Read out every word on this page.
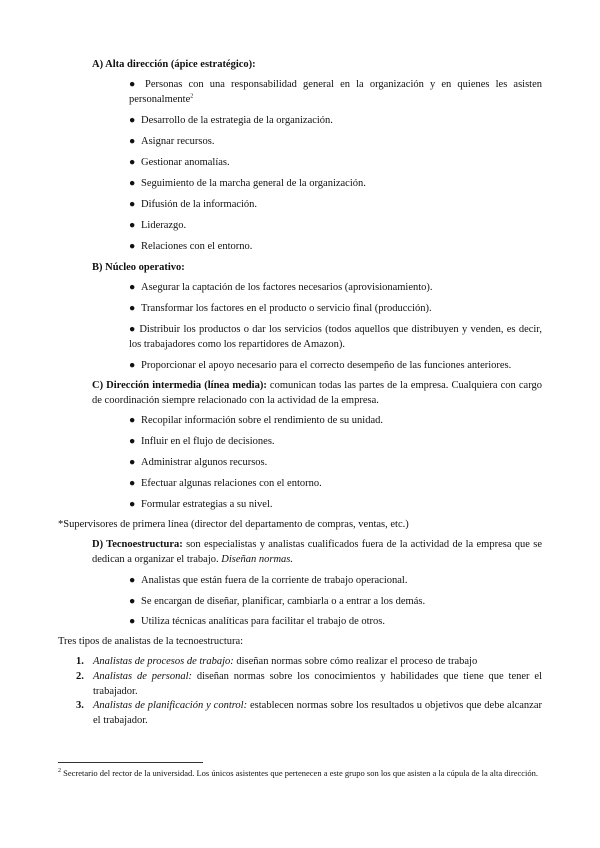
A) Alta dirección (ápice estratégico):
● Personas con una responsabilidad general en la organización y en quienes les asisten personalmente$^2$
● Desarrollo de la estrategia de la organización.
● Asignar recursos.
● Gestionar anomalías.
● Seguimiento de la marcha general de la organización.
● Difusión de la información.
● Liderazgo.
● Relaciones con el entorno.
B) Núcleo operativo:
● Asegurar la captación de los factores necesarios (aprovisionamiento).
● Transformar los factores en el producto o servicio final (producción).
● Distribuir los productos o dar los servicios (todos aquellos que distribuyen y venden, es decir, los trabajadores como los repartidores de Amazon).
● Proporcionar el apoyo necesario para el correcto desempeño de las funciones anteriores.
C) Dirección intermedia (línea media): comunican todas las partes de la empresa. Cualquiera con cargo de coordinación siempre relacionado con la actividad de la empresa.
● Recopilar información sobre el rendimiento de su unidad.
● Influir en el flujo de decisiones.
● Administrar algunos recursos.
● Efectuar algunas relaciones con el entorno.
● Formular estrategias a su nivel.
*Supervisores de primera línea (director del departamento de compras, ventas, etc.)
D) Tecnoestructura: son especialistas y analistas cualificados fuera de la actividad de la empresa que se dedican a organizar el trabajo. Diseñan normas.
● Analistas que están fuera de la corriente de trabajo operacional.
● Se encargan de diseñar, planificar, cambiarla o a entrar a los demás.
● Utiliza técnicas analíticas para facilitar el trabajo de otros.
Tres tipos de analistas de la tecnoestructura:
1. Analistas de procesos de trabajo: diseñan normas sobre cómo realizar el proceso de trabajo
2. Analistas de personal: diseñan normas sobre los conocimientos y habilidades que tiene que tener el trabajador.
3. Analistas de planificación y control: establecen normas sobre los resultados u objetivos que debe alcanzar el trabajador.
$^2$ Secretario del rector de la universidad. Los únicos asistentes que pertenecen a este grupo son los que asisten a la cúpula de la alta dirección.
